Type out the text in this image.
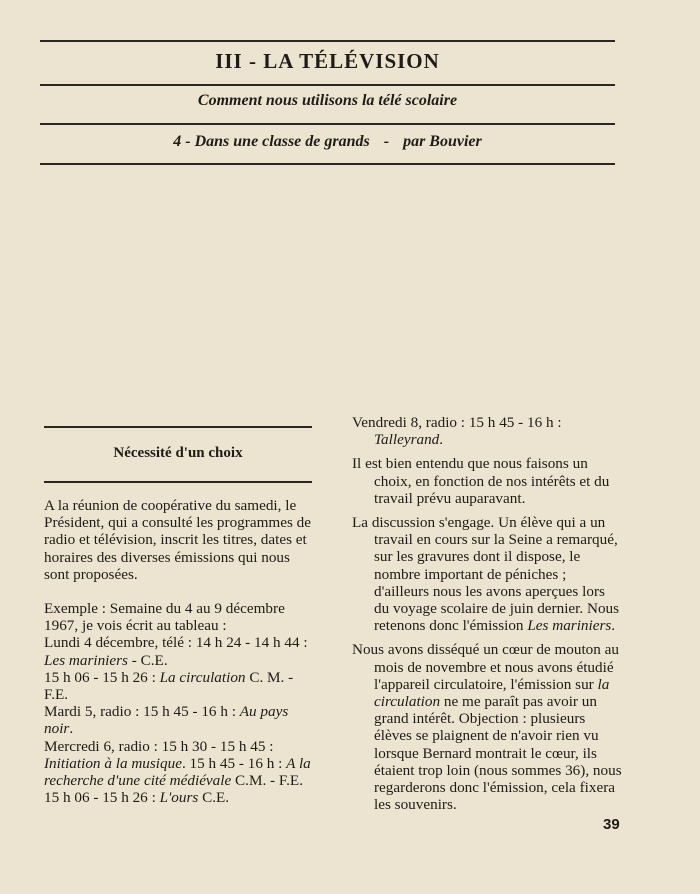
III - LA TÉLÉVISION
Comment nous utilisons la télé scolaire
4 - Dans une classe de grands - par Bouvier
Nécessité d'un choix

A la réunion de coopérative du samedi, le Président, qui a consulté les programmes de radio et télévision, inscrit les titres, dates et horaires des diverses émissions qui nous sont proposées.

Exemple : Semaine du 4 au 9 décembre 1967, je vois écrit au tableau :

Lundi 4 décembre, télé : 14 h 24 - 14 h 44 : Les mariniers - C.E.

15 h 06 - 15 h 26 : La circulation C. M. - F.E.

Mardi 5, radio : 15 h 45 - 16 h : Au pays noir.

Mercredi 6, radio : 15 h 30 - 15 h 45 : Initiation à la musique. 15 h 45 - 16 h : A la recherche d'une cité médiévale C.M. - F.E. 15 h 06 - 15 h 26 : L'ours C.E.

Vendredi 8, radio : 15 h 45 - 16 h : Talleyrand.

Il est bien entendu que nous faisons un choix, en fonction de nos intérêts et du travail prévu auparavant.

La discussion s'engage. Un élève qui a un travail en cours sur la Seine a remarqué, sur les gravures dont il dispose, le nombre important de péniches ; d'ailleurs nous les avons aperçues lors du voyage scolaire de juin dernier. Nous retenons donc l'émission Les mariniers.

Nous avons disséqué un cœur de mouton au mois de novembre et nous avons étudié l'appareil circulatoire, l'émission sur la circulation ne me paraît pas avoir un grand intérêt. Objection : plusieurs élèves se plaignent de n'avoir rien vu lorsque Bernard montrait le cœur, ils étaient trop loin (nous sommes 36), nous regarderons donc l'émission, cela fixera les souvenirs.

39
